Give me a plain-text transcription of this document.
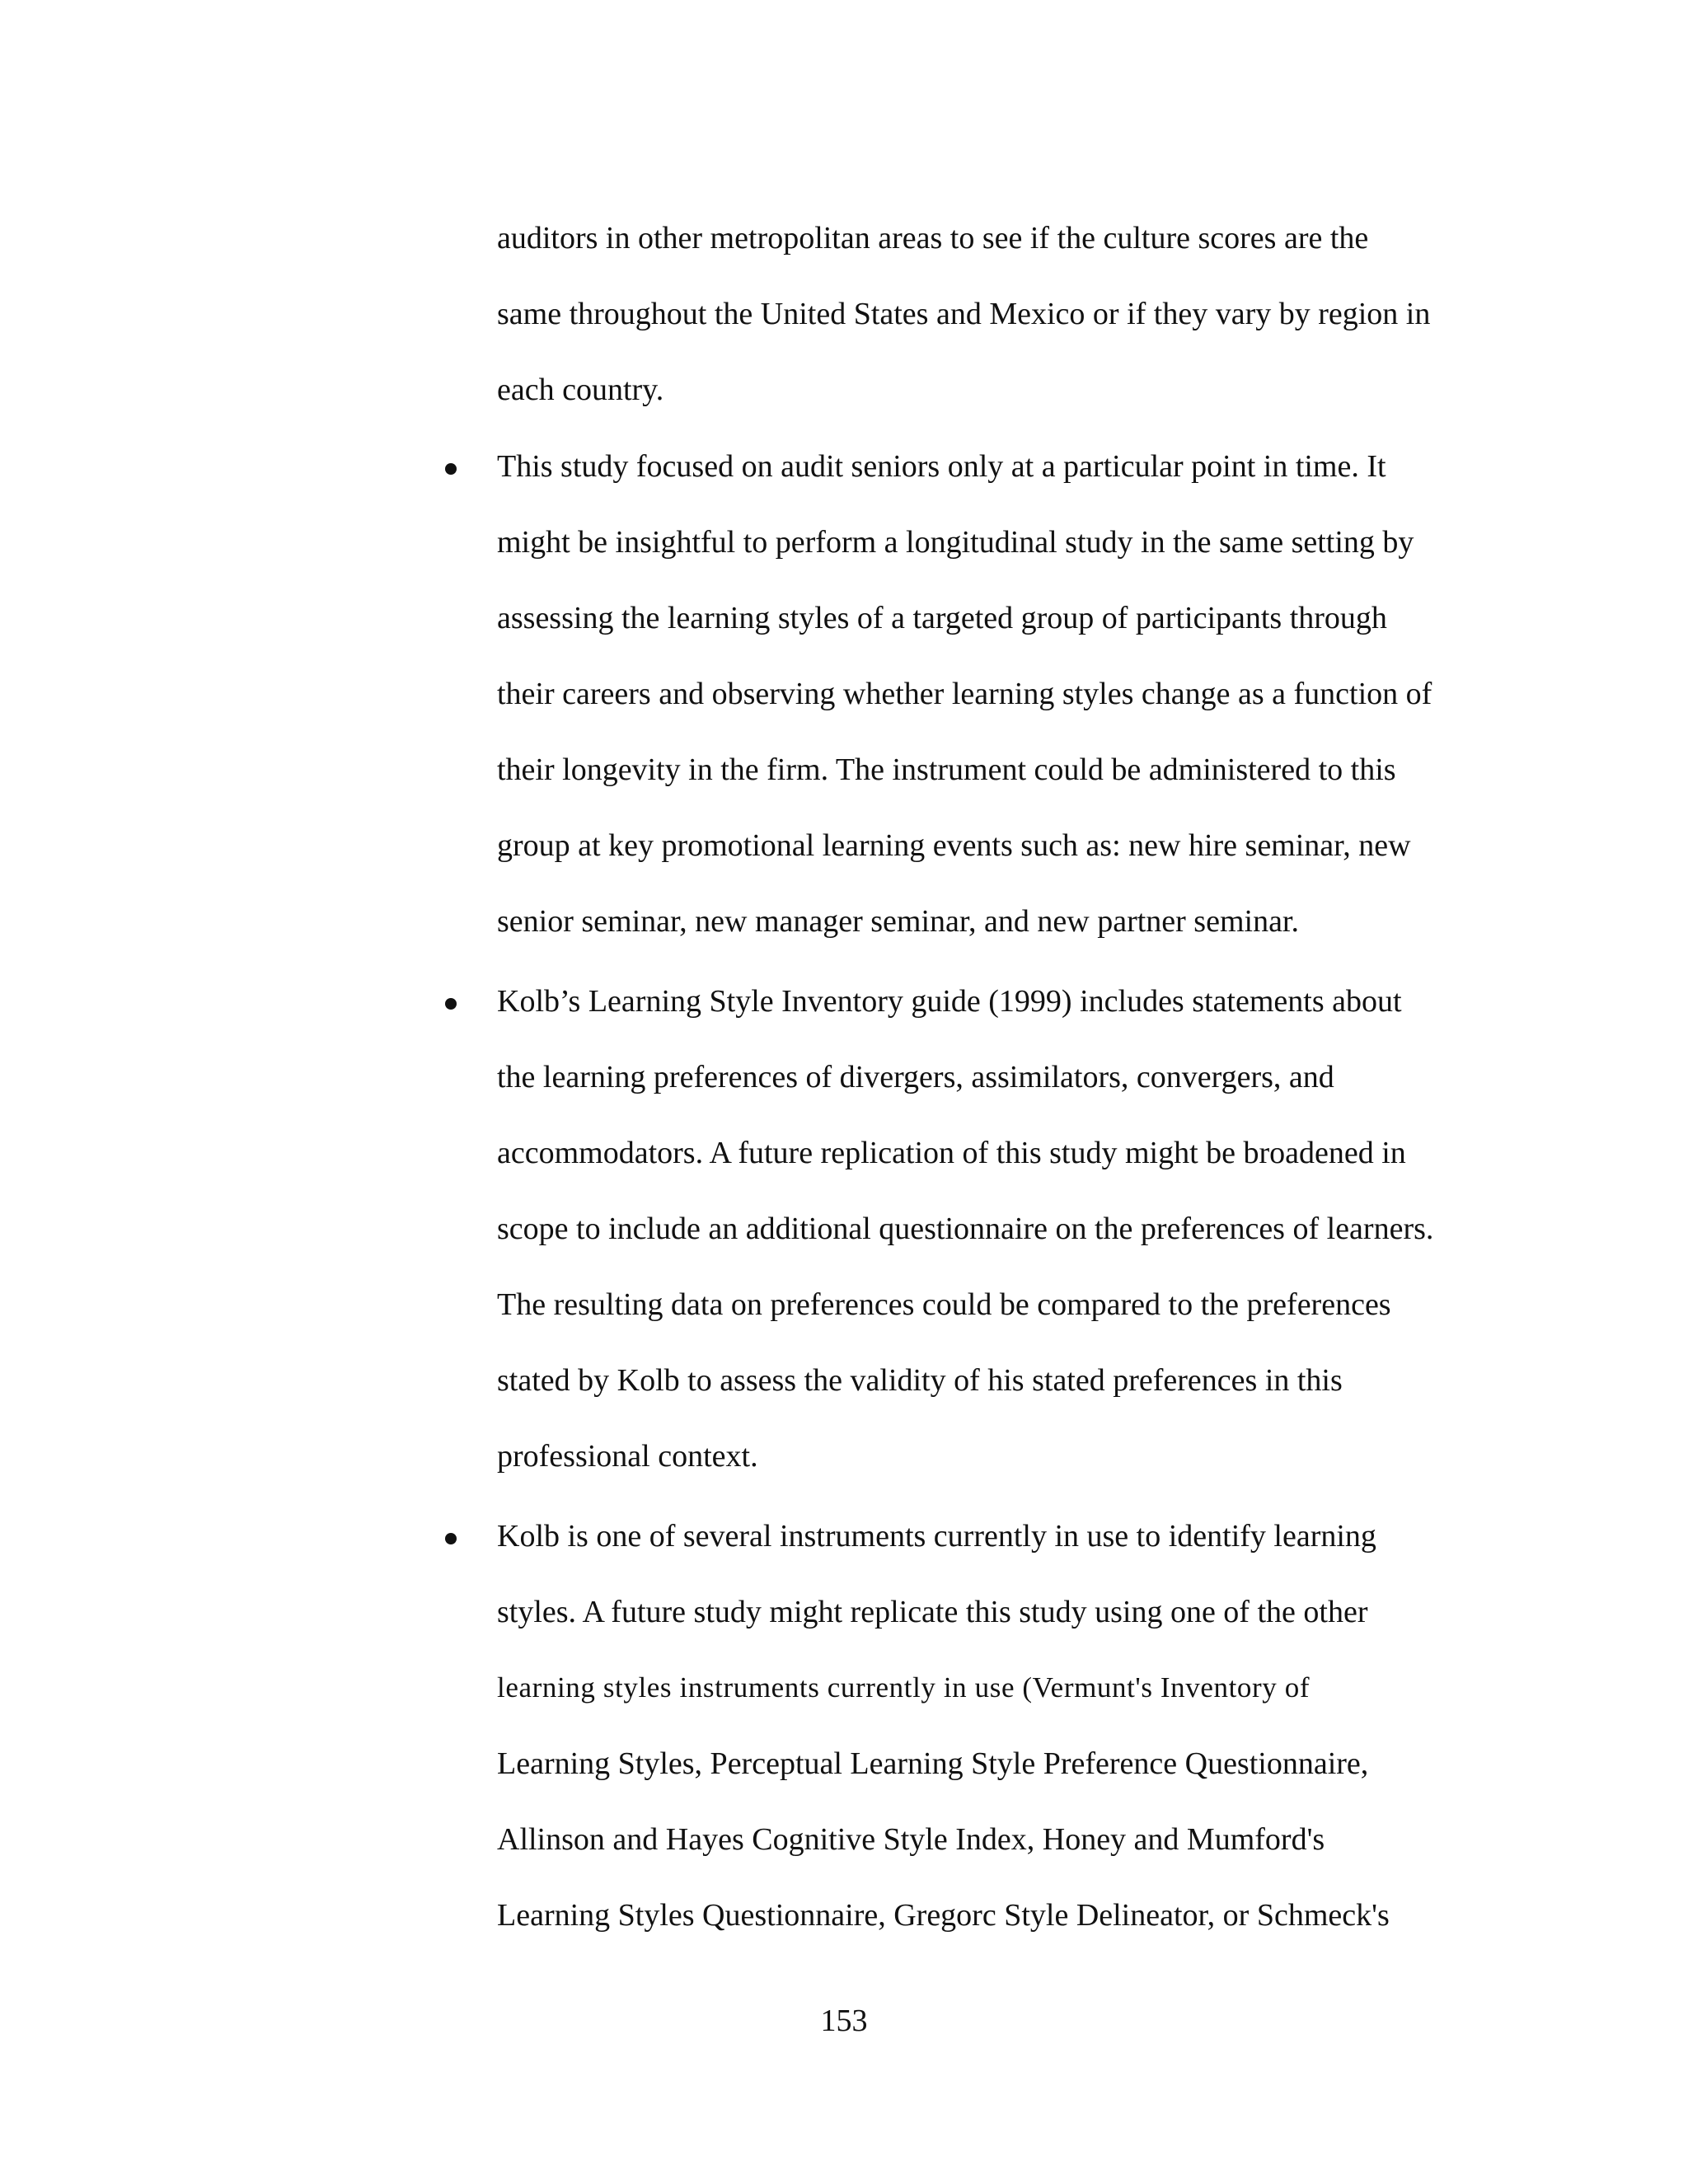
auditors in other metropolitan areas to see if the culture scores are the
same throughout the United States and Mexico or if they vary by region in
each country.
This study focused on audit seniors only at a particular point in time. It
might be insightful to perform a longitudinal study in the same setting by
assessing the learning styles of a targeted group of participants through
their careers and observing whether learning styles change as a function of
their longevity in the firm. The instrument could be administered to this
group at key promotional learning events such as: new hire seminar, new
senior seminar, new manager seminar, and new partner seminar.
Kolb’s Learning Style Inventory guide (1999) includes statements about
the learning preferences of divergers, assimilators, convergers, and
accommodators. A future replication of this study might be broadened in
scope to include an additional questionnaire on the preferences of learners.
The resulting data on preferences could be compared to the preferences
stated by Kolb to assess the validity of his stated preferences in this
professional context.
Kolb is one of several instruments currently in use to identify learning
styles. A future study might replicate this study using one of the other
learning styles instruments currently in use (Vermunt's Inventory of
Learning Styles, Perceptual Learning Style Preference Questionnaire,
Allinson and Hayes Cognitive Style Index, Honey and Mumford's
Learning Styles Questionnaire, Gregorc Style Delineator, or Schmeck's
153
